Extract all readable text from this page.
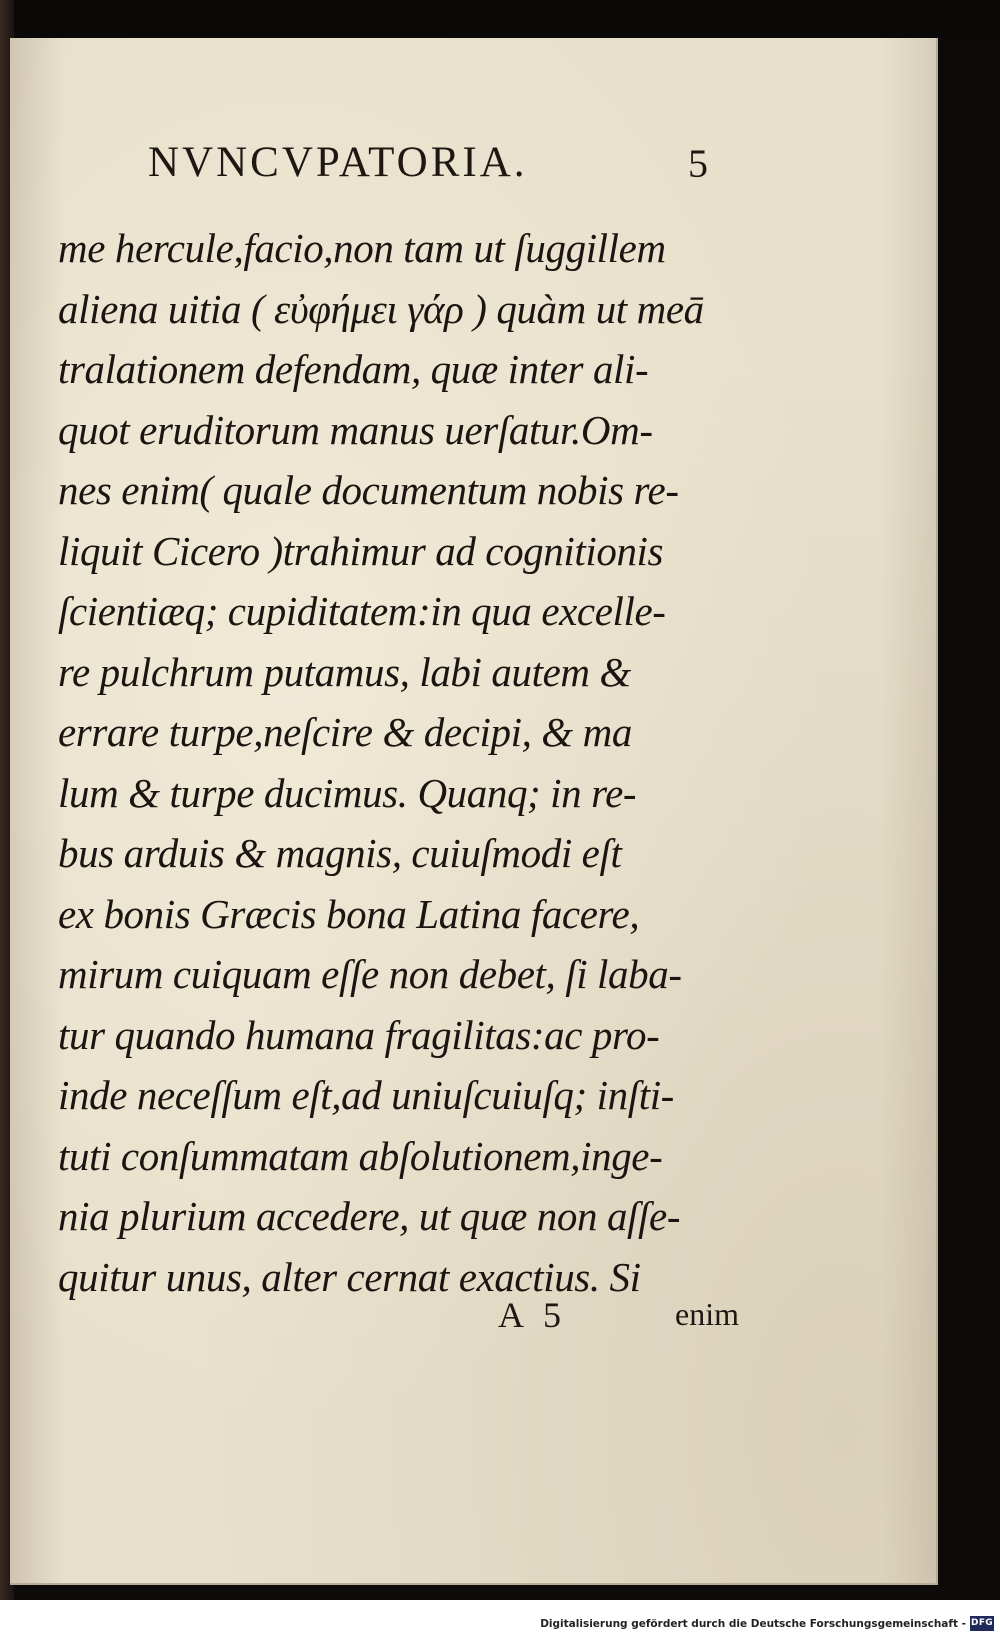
NVNCVPATORIA.	5
me hercule,facio,non tam ut ſuggillem
aliena uitia ( εὐφήμει γάρ ) quàm ut meā
tralationem defendam, quæ inter ali-
quot eruditorum manus uerſatur.Om-
nes enim( quale documentum nobis re-
liquit Cicero )trahimur ad cognitionis
ſcientiæq; cupiditatem:in qua excelle-
re pulchrum putamus, labi autem &
errare turpe,neſcire & decipi, & ma
lum & turpe ducimus. Quanq; in re-
bus arduis & magnis, cuiuſmodi eſt
ex bonis Græcis bona Latina facere,
mirum cuiquam eſſe non debet, ſi laba-
tur quando humana fragilitas:ac pro-
inde neceſſum eſt,ad uniuſcuiuſq; inſti-
tuti conſummatam abſolutionem,inge-
nia plurium accedere, ut quæ non aſſe-
quitur unus, alter cernat exactius. Si
A 5	enim
Digitalisierung gefördert durch die Deutsche Forschungsgemeinschaft - DFG
